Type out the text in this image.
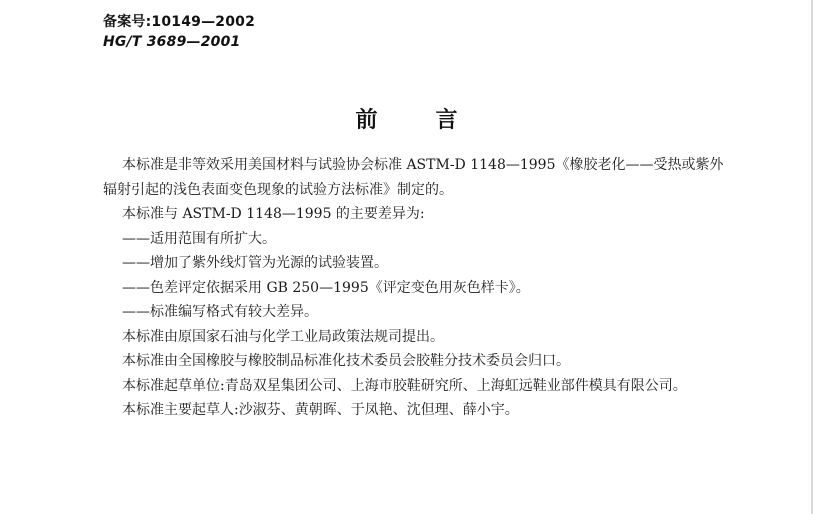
备案号:10149—2002
HG/T 3689—2001
前言

本标准是非等效采用美国材料与试验协会标准 ASTM-D 1148—1995《橡胶老化——受热或紫外

辐射引起的浅色表面变色现象的试验方法标准》制定的。

本标准与 ASTM-D 1148—1995 的主要差异为:

——适用范围有所扩大。

——增加了紫外线灯管为光源的试验装置。

——色差评定依据采用 GB 250—1995《评定变色用灰色样卡》。

——标准编写格式有较大差异。

本标准由原国家石油与化学工业局政策法规司提出。

本标准由全国橡胶与橡胶制品标准化技术委员会胶鞋分技术委员会归口。

本标准起草单位:青岛双星集团公司、上海市胶鞋研究所、上海虹远鞋业部件模具有限公司。

本标准主要起草人:沙淑芬、黄朝晖、于凤艳、沈但理、薛小宇。
